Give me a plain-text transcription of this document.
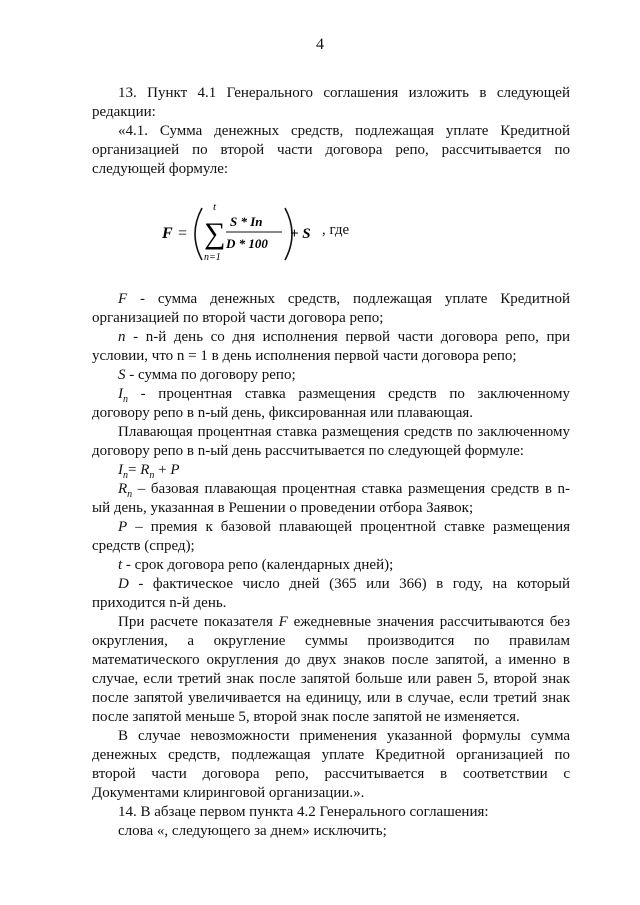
4
13. Пункт 4.1 Генерального соглашения изложить в следующей
редакции:
«4.1. Сумма денежных средств, подлежащая уплате Кредитной
организацией по второй части договора репо, рассчитывается по
следующей формуле:
F =
t
∑
n=1
S * In
D * 100
+ S , где
F - сумма денежных средств, подлежащая уплате Кредитной
организацией по второй части договора репо;
n - n-й день со дня исполнения первой части договора репо, при
условии, что n = 1 в день исполнения первой части договора репо;
S - сумма по договору репо;
$I_n$ - процентная ставка размещения средств по заключенному
договору репо в n-ый день, фиксированная или плавающая.
Плавающая процентная ставка размещения средств по заключенному
договору репо в n-ый день рассчитывается по следующей формуле:
$I_n= R_n + P$
$R_n$ – базовая плавающая процентная ставка размещения средств в n-
ый день, указанная в Решении о проведении отбора Заявок;
P – премия к базовой плавающей процентной ставке размещения
средств (спред);
t - срок договора репо (календарных дней);
D - фактическое число дней (365 или 366) в году, на который
приходится n-й день.
При расчете показателя F ежедневные значения рассчитываются без
округления, а округление суммы производится по правилам
математического округления до двух знаков после запятой, а именно в
случае, если третий знак после запятой больше или равен 5, второй знак
после запятой увеличивается на единицу, или в случае, если третий знак
после запятой меньше 5, второй знак после запятой не изменяется.
В случае невозможности применения указанной формулы сумма
денежных средств, подлежащая уплате Кредитной организацией по
второй части договора репо, рассчитывается в соответствии с
Документами клиринговой организации.».
14. В абзаце первом пункта 4.2 Генерального соглашения:
слова «, следующего за днем» исключить;
